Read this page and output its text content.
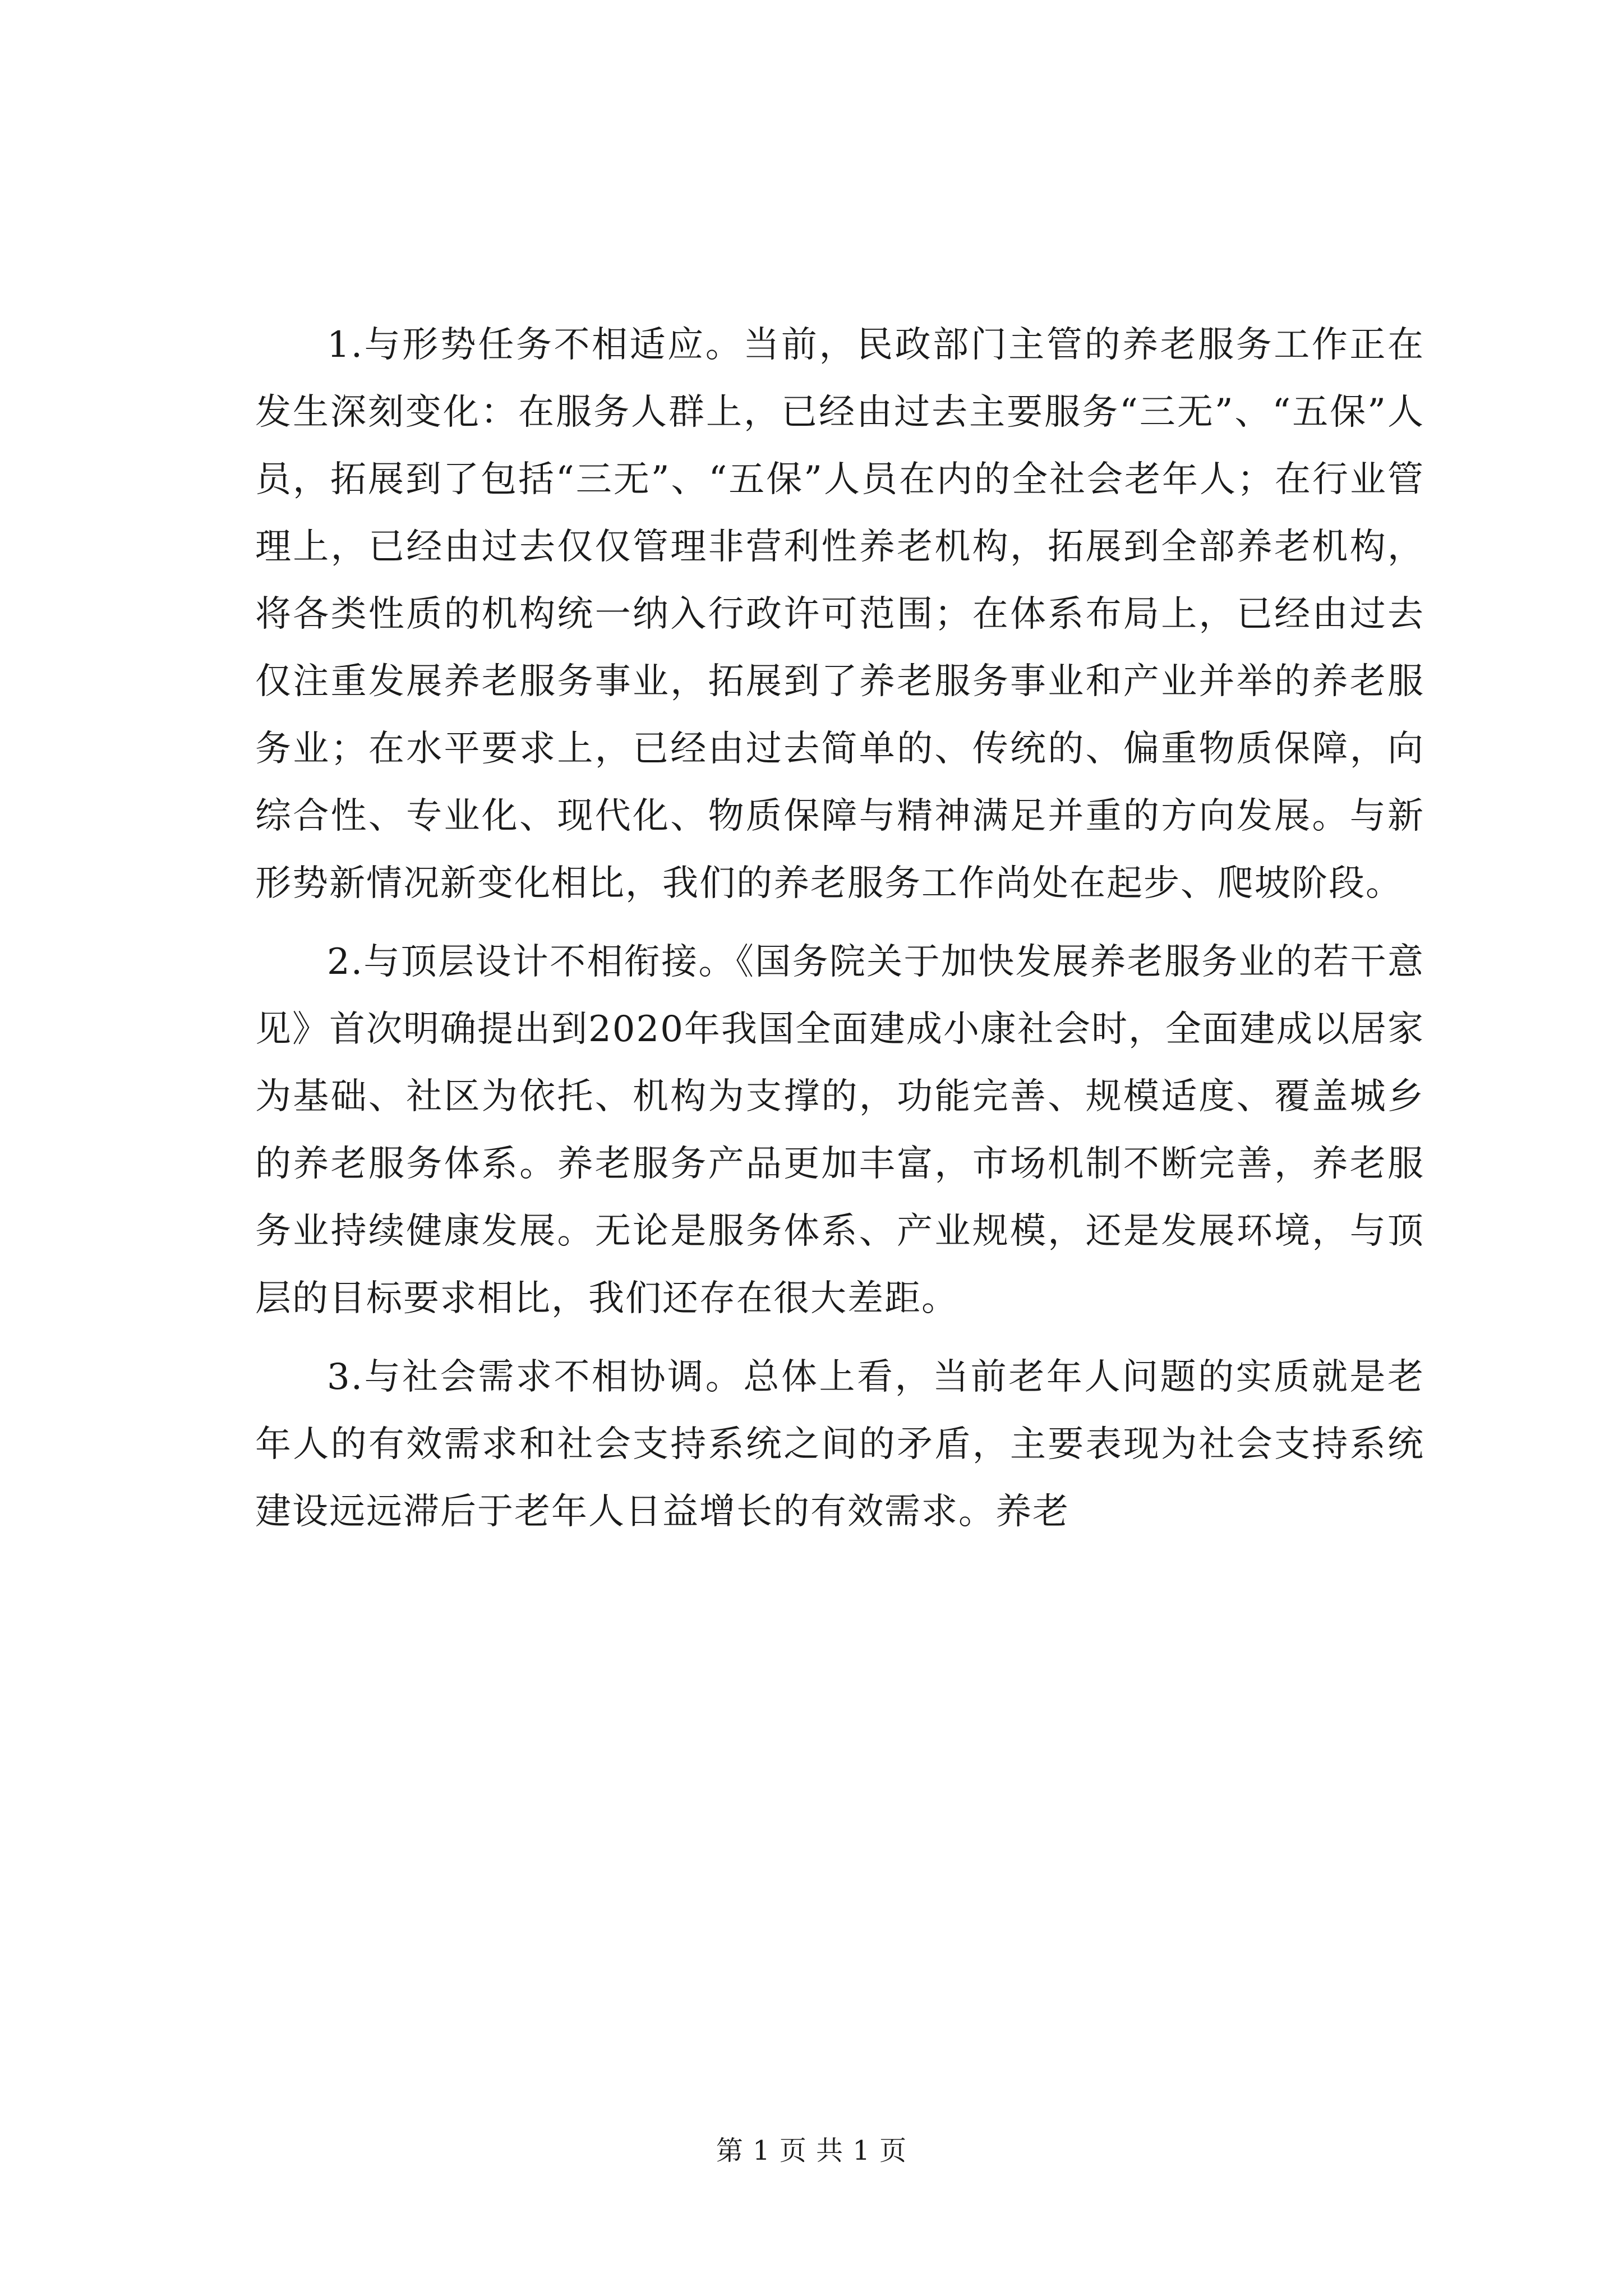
1.与形势任务不相适应。当前，民政部门主管的养老服务工作正在发生深刻变化：在服务人群上，已经由过去主要服务“三无”、“五保”人员，拓展到了包括“三无”、“五保”人员在内的全社会老年人；在行业管理上，已经由过去仅仅管理非营利性养老机构，拓展到全部养老机构，将各类性质的机构统一纳入行政许可范围；在体系布局上，已经由过去仅注重发展养老服务事业，拓展到了养老服务事业和产业并举的养老服务业；在水平要求上，已经由过去简单的、传统的、偏重物质保障，向综合性、专业化、现代化、物质保障与精神满足并重的方向发展。与新形势新情况新变化相比，我们的养老服务工作尚处在起步、爬坡阶段。

2.与顶层设计不相衔接。《国务院关于加快发展养老服务业的若干意见》首次明确提出到2020年我国全面建成小康社会时，全面建成以居家为基础、社区为依托、机构为支撑的，功能完善、规模适度、覆盖城乡的养老服务体系。养老服务产品更加丰富，市场机制不断完善，养老服务业持续健康发展。无论是服务体系、产业规模，还是发展环境，与顶层的目标要求相比，我们还存在很大差距。

3.与社会需求不相协调。总体上看，当前老年人问题的实质就是老年人的有效需求和社会支持系统之间的矛盾，主要表现为社会支持系统建设远远滞后于老年人日益增长的有效需求。养老

第 1 页 共 1 页
